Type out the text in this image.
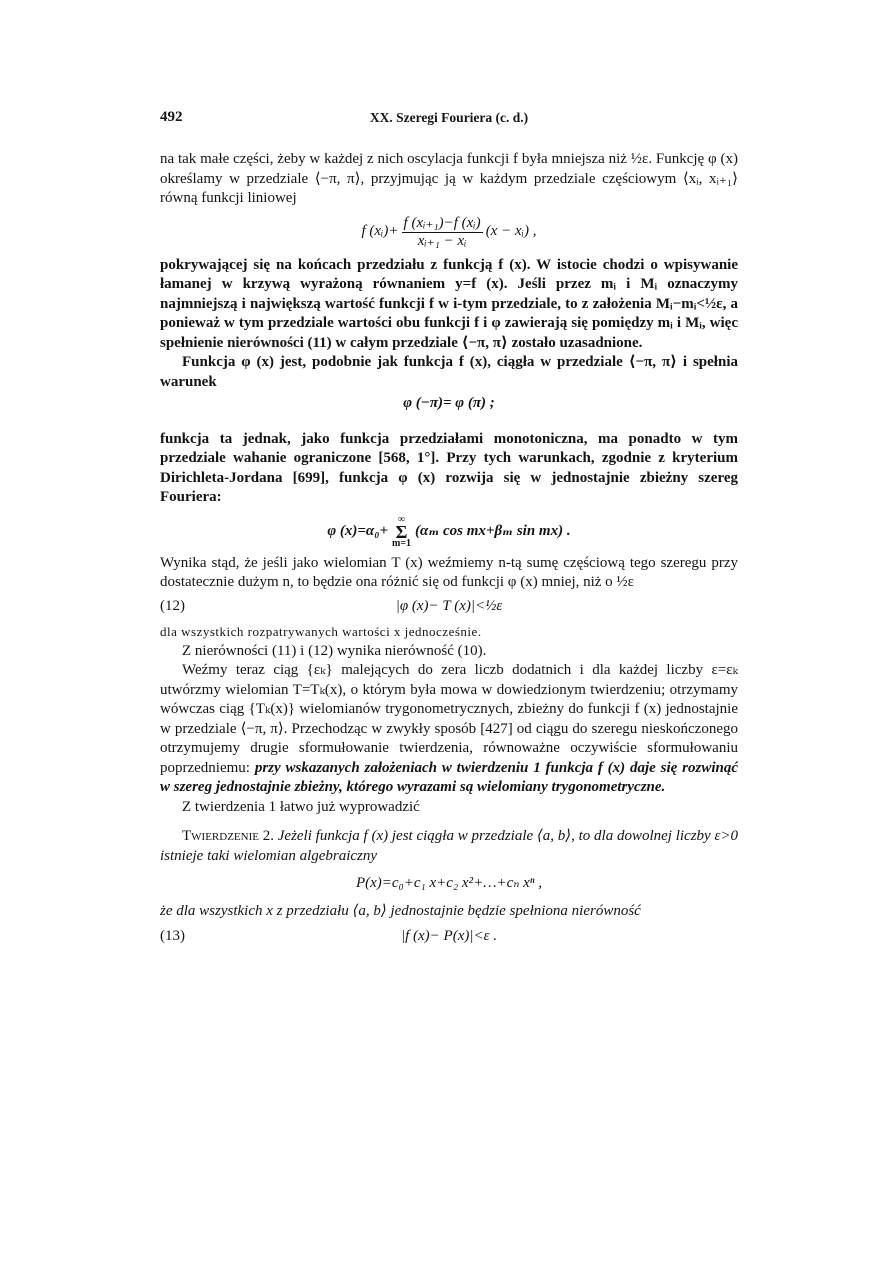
492	XX. Szeregi Fouriera (c. d.)

na tak małe części, żeby w każdej z nich oscylacja funkcji f była mniejsza niż ½ε. Funkcję φ (x) określamy w przedziale ⟨−π, π⟩, przyjmując ją w każdym przedziale częściowym ⟨xᵢ, xᵢ₊₁⟩ równą funkcji liniowej

f (xᵢ)+ $\frac{\text{f (xᵢ₊₁)−f (xᵢ)}}{\text{xᵢ₊₁ − xᵢ}} (x$ − xᵢ) ,

pokrywającej się na końcach przedziału z funkcją f (x). W istocie chodzi o wpisywanie łamanej w krzywą wyrażoną równaniem y=f (x). Jeśli przez mᵢ i Mᵢ oznaczymy najmniejszą i największą wartość funkcji f w i-tym przedziale, to z założenia Mᵢ−mᵢ<½ε, a ponieważ w tym przedziale wartości obu funkcji f i φ zawierają się pomiędzy mᵢ i Mᵢ, więc spełnienie nierówności (11) w całym przedziale ⟨−π, π⟩ zostało uzasadnione.

Funkcja φ (x) jest, podobnie jak funkcja f (x), ciągła w przedziale ⟨−π, π⟩ i spełnia warunek

φ (−π)= φ (π) ;

funkcja ta jednak, jako funkcja przedziałami monotoniczna, ma ponadto w tym przedziale wahanie ograniczone [568, 1°]. Przy tych warunkach, zgodnie z kryterium Dirichleta-Jordana [699], funkcja φ (x) rozwija się w jednostajnie zbieżny szereg Fouriera:

φ (x)=α₀+
∞
Σ
m=1
(αₘ cos mx+βₘ sin mx) .

Wynika stąd, że jeśli jako wielomian T (x) weźmiemy n-tą sumę częściową tego szeregu przy dostatecznie dużym n, to będzie ona różnić się od funkcji φ (x) mniej, niż o ½ε

(12)	|φ (x)− T (x)|<½ε

dla wszystkich rozpatrywanych wartości x jednocześnie.

Z nierówności (11) i (12) wynika nierówność (10).

Weźmy teraz ciąg {εₖ} malejących do zera liczb dodatnich i dla każdej liczby ε=εₖ utwórzmy wielomian T=Tₖ(x), o którym była mowa w dowiedzionym twierdzeniu; otrzymamy wówczas ciąg {Tₖ(x)} wielomianów trygonometrycznych, zbieżny do funkcji f (x) jednostajnie w przedziale ⟨−π, π⟩. Przechodząc w zwykły sposób [427] od ciągu do szeregu nieskończonego otrzymujemy drugie sformułowanie twierdzenia, równoważne oczywiście sformułowaniu poprzedniemu: przy wskazanych założeniach w twierdzeniu 1 funkcja f (x) daje się rozwinąć w szereg jednostajnie zbieżny, którego wyrazami są wielomiany trygonometryczne.

Z twierdzenia 1 łatwo już wyprowadzić

Twierdzenie 2. Jeżeli funkcja f (x) jest ciągła w przedziale ⟨a, b⟩, to dla dowolnej liczby ε>0 istnieje taki wielomian algebraiczny

P(x)=c₀+c₁ x+c₂ x²+…+cₙ xⁿ ,

że dla wszystkich x z przedziału ⟨a, b⟩ jednostajnie będzie spełniona nierówność

(13)	|f (x)− P(x)|<ε .
